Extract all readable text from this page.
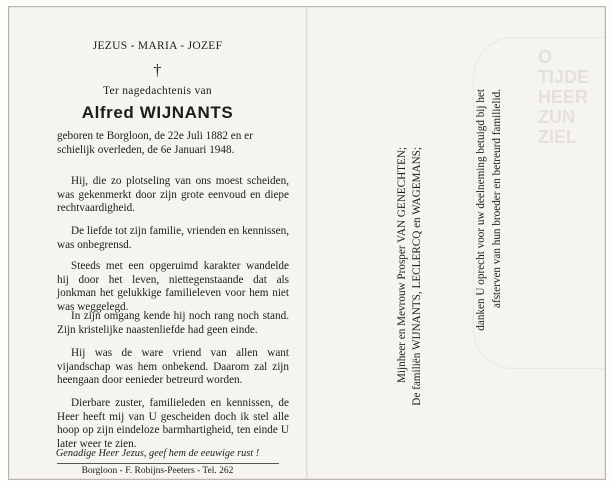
JEZUS - MARIA - JOZEF
†
Ter nagedachtenis van
Alfred WIJNANTS
geboren te Borgloon, de 22e Juli 1882 en er
schielijk overleden, de 6e Januari 1948.
Hij, die zo plotseling van ons moest scheiden, was gekenmerkt door zijn grote eenvoud en diepe rechtvaardigheid.
De liefde tot zijn familie, vrienden en kennissen, was onbegrensd.
Steeds met een opgeruimd karakter wandelde hij door het leven, niettegenstaande dat als jonkman het gelukkige familieleven voor hem niet was weggelegd.
In zijn omgang kende hij noch rang noch stand. Zijn kristelijke naastenliefde had geen einde.
Hij was de ware vriend van allen want vijandschap was hem onbekend. Daarom zal zijn heengaan door eenieder betreurd worden.
Dierbare zuster, familieleden en kennissen, de Heer heeft mij van U gescheiden doch ik stel alle hoop op zijn eindeloze barmhartigheid, ten einde U later weer te zien.
Genadige Heer Jezus, geef hem de eeuwige rust !
Borgloon - F. Robijns-Peeters - Tel. 262
O TIJDE
HEER
ZUN
ZIEL
Mijnheer en Mevrouw Prosper VAN GENECHTEN; De familiën WIJNANTS, LECLERCQ en WAGEMANS;	danken U oprecht voor uw deelneming betuigd bij het afsterven van hun broeder en betreurd familielid.
